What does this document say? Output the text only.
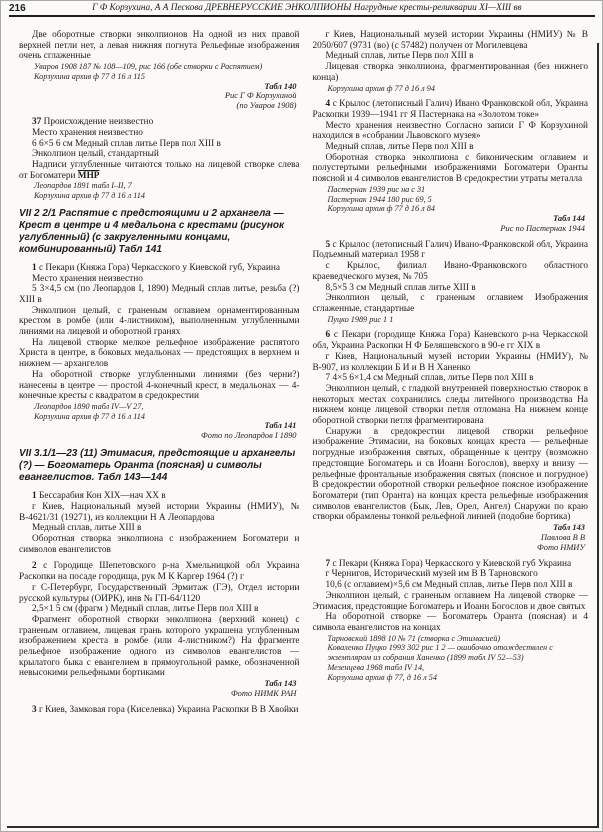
216	Г Ф Корзухина, А А Пескова ДРЕВНЕРУССКИЕ ЭНКОЛПИОНЫ Нагрудные кресты-реликварии XI—XIII вв
Две оборотные створки энколпионов На одной из них правой верхней петли нет, а левая нижняя погнута Рельефные изображения очень сглаженные
Уваров 1908 187 № 108—109, рис 166 (обе створки с Распятием)
Корзухина архив ф 77 д 16 л 115
Табл 140
Рис Г Ф Корзухиной
(по Уваров 1908)
37 Происхождение неизвестно
Место хранения неизвестно
6 6×5 6 см Медный сплав литье Перв пол XIII в
Энколпион целый, стандартный
Надписи углубленные читаются только на лицевой створке слева от Богоматери МНР
Леопардов 1891 табл I–II, 7
Корзухина архив ф 77 д 16 л 114
VII 2 2/1 Распятие с предстоящими и 2 архангела — Крест в центре и 4 медальона с крестами (рисунок углубленный) (с закругленными концами, комбинированный) Табл 141
1 с Пекари (Княжа Гора) Черкасского у Киевской губ, Украина
Место хранения неизвестно
5 3×4,5 см (по Леопардов I, 1890) Медный сплав литье, резьба (?) XIII в
Энколпион целый, с граненым оглавием орнаментированным крестом в ромбе (или 4-листником), выполненным углубленными линиями на лицевой и оборотной гранях
На лицевой створке мелкое рельефное изображение распятого Христа в центре, в боковых медальонах — предстоящих в верхнем и нижнем — архангелов
На оборотной створке углубленными линиями (без черни?) нанесены в центре — простой 4-конечный крест, в медальонах — 4-конечные кресты с квадратом в средокрестии
Леопардов 1890 табл IV—V 27,
Корзухина архив ф 77 д 16 л 114
Табл 141
Фото по Леопардов I 1890
VII 3.1/1—23 (11) Этимасия, предстоящие и архангелы (?) — Богоматерь Оранта (поясная) и символы евангелистов. Табл 143—144
1 Бессарабия Кон XIX—нач XX в
г Киев, Национальный музей истории Украины (НМИУ), № В-4621/31 (19271), из коллекции Н А Леопардова
Медный сплав, литье XIII в
Оборотная створка энколпиона с изображением Богоматери и символов евангелистов
2 с Городище Шепетовского р-на Хмельницкой обл Украина Раскопки на посаде городища, рук М К Каргер 1964 (?) г
г С-Петербург, Государственный Эрмитаж (ГЭ), Отдел истории русской культуры (ОИРК), инв № ГП-64/1120
2,5×1 5 см (фрагм ) Медный сплав, литье Перв пол XIII в
Фрагмент оборотной створки энколпиона (верхний конец) с граненым оглавием, лицевая грань которого украшена углубленным изображением креста в ромбе (или 4-листником?) На фрагменте рельефное изображение одного из символов евангелистов — крылатого быка с евангелием в прямоугольной рамке, обозначенной невысокими рельефными бортиками
Табл 143
Фото НИМК РАН
3 г Киев, Замковая гора (Киселевка) Украина Раскопки В В Хвойки
г Киев, Национальный музей истории Украины (НМИУ) № В 2050/607 (9731 (во) (с 57482) получен от Могилевцева
Медный сплав, литье Перв пол XIII в
Лицевая створка энколпиона, фрагментированная (без нижнего конца)
Корзухина архив ф 77 д 16 л 94
4 с Крылос (летописный Галич) Ивано Франковской обл, Украина Раскопки 1939—1941 гг Я Пастернака на «Золотом токе»
Место хранения неизвестно Согласно записи Г Ф Корзухиной находился в «собрании Львовского музея»
Медный сплав, литье Перв пол XIII в
Оборотная створка энколпиона с биконическим оглавием и полустертыми рельефными изображениями Богоматери Оранты поясной и 4 символов евангелистов В средокрестии утраты металла
Пастернак 1939 рис на с 31
Пастернак 1944 180 рис 69, 5
Корзухина архив ф 77 д 16 л 84
Табл 144
Рис по Пастернак 1944
5 с Крылос (летописный Галич) Ивано-Франковской обл, Украина Подъемный материал 1958 г
с Крылос, филиал Ивано-Франковского областного краеведческого музея, № 705
8,5×5 3 см Медный сплав литье XIII в
Энколпион целый, с граненым оглавием Изображения сглаженные, стандартные
Пуцко 1989 рис 1 1
6 с Пекари (городище Княжа Гора) Каневского р-на Черкасской обл, Украина Раскопки Н Ф Беляшевского в 90-е гг XIX в
г Киев, Национальный музей истории Украины (НМИУ), № В-907, из коллекции Б И и В Н Ханенко
7 4×5 6×1,4 см Медный сплав, литье Перв пол XIII в
Энколпион целый, с гладкой внутренней поверхностью створок в некоторых местах сохранились следы литейного производства На нижнем конце лицевой створки петля отломана На нижнем конце оборотной створки петля фрагментирована
Снаружи в средокрестии лицевой створки рельефное изображение Этимасии, на боковых концах креста — рельефные погрудные изображения святых, обращенные к центру (возможно предстоящие Богоматерь и св Иоанн Богослов), вверху и внизу — рельефные фронтальные изображения святых (поясное и погрудное) В средокрестии оборотной створки рельефное поясное изображение Богоматери (тип Оранта) на концах креста рельефные изображения символов евангелистов (Бык, Лев, Орел, Ангел) Снаружи по краю створки обрамлены тонкой рельефной линией (подобие бортика)
Табл 143
Павлова В В
Фото НМИУ
7 с Пекари (Княжа Гора) Черкасского у Киевской губ Украина
г Чернигов, Исторический музей им В В Тарновского
10,6 (с оглавием)×5,6 см Медный сплав, литье Перв пол XIII в
Энколпион целый, с граненым оглавием На лицевой створке — Этимасия, предстоящие Богоматерь и Иоанн Богослов и двое святых
На оборотной створке — Богоматерь Оранта (поясная) и 4 символа евангелистов на концах
Тарновский 1898 10 № 71 (створка с Этимасией)
Коваленко Пуцко 1993 302 рис 1 2 — ошибочно отождествлен с экземпляром из собрания Ханенко (1899 табл IV 52—53)
Мезенцева 1968 табл IV 14,
Корзухина архив ф 77, д 16 л 54
